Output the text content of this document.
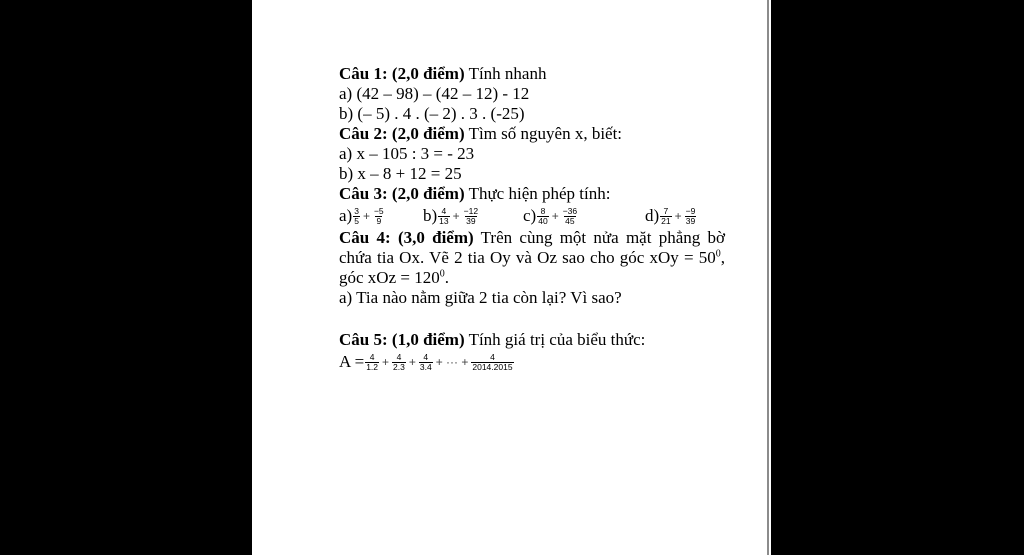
Câu 1: (2,0 điểm) Tính nhanh
a) (42 – 98) – (42 – 12) - 12
b) (– 5) . 4 . (– 2) . 3 . (-25)
Câu 2: (2,0 điểm) Tìm số nguyên x, biết:
a) x – 105 : 3 = - 23
b) x – 8 + 12 = 25
Câu 3: (2,0 điểm) Thực hiện phép tính:
$a) \frac{3}{5} + \frac{-5}{9} b) \frac{4}{13} + \frac{-12}{39}$	$c) \frac{8}{40} + \frac{-36}{45}$	$d) \frac{7}{21} + \frac{-9}{39}$
Câu 4: (3,0 điểm) Trên cùng một nửa mặt phẳng bờ chứa tia Ox. Vẽ 2 tia Oy và Oz sao cho góc xOy = $50^0$, góc xOz = $120^0$.
a) Tia nào nằm giữa 2 tia còn lại? Vì sao?
Câu 5: (1,0 điểm) Tính giá trị của biểu thức:
$A = \frac{4}{1.2} + \frac{4}{2.3} + \frac{4}{3.4}$ + ··· + $\frac{4}{2014.2015}$
